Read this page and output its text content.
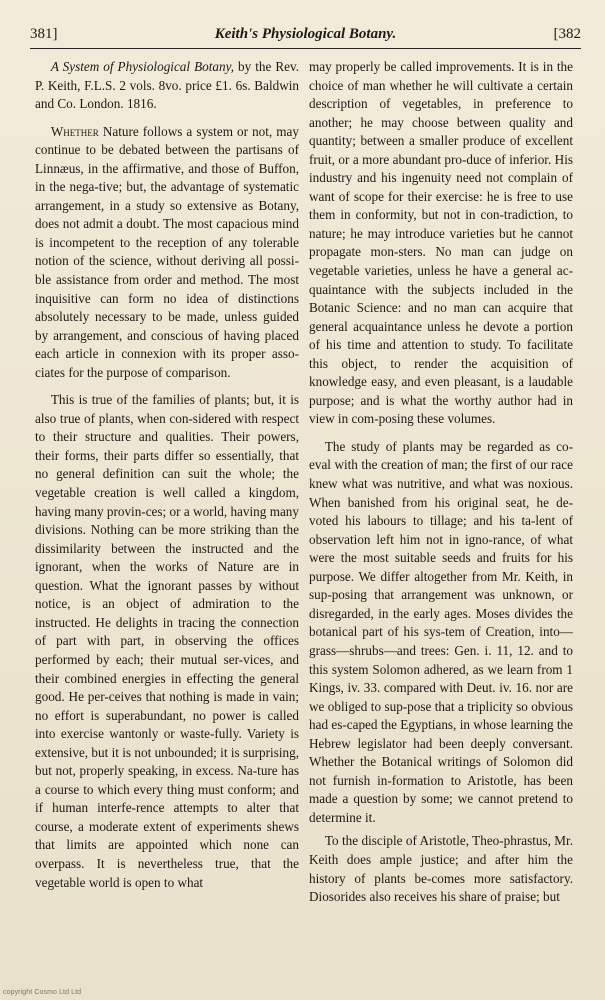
381]	Keith's Physiological Botany.	[382

A System of Physiological Botany, by the Rev. P. Keith, F.L.S. 2 vols. 8vo. price £1. 6s. Baldwin and Co. London. 1816.

Whether Nature follows a system or not, may continue to be debated between the partisans of Linnæus, in the affirmative, and those of Buffon, in the nega-tive; but, the advantage of systematic arrangement, in a study so extensive as Botany, does not admit a doubt. The most capacious mind is incompetent to the reception of any tolerable notion of the science, without deriving all possi-ble assistance from order and method. The most inquisitive can form no idea of distinctions absolutely necessary to be made, unless guided by arrangement, and conscious of having placed each article in connexion with its proper asso-ciates for the purpose of comparison.

This is true of the families of plants; but, it is also true of plants, when con-sidered with respect to their structure and qualities. Their powers, their forms, their parts differ so essentially, that no general definition can suit the whole; the vegetable creation is well called a kingdom, having many provin-ces; or a world, having many divisions. Nothing can be more striking than the dissimilarity between the instructed and the ignorant, when the works of Nature are in question. What the ignorant passes by without notice, is an object of admiration to the instructed. He delights in tracing the connection of part with part, in observing the offices performed by each; their mutual ser-vices, and their combined energies in effecting the general good. He per-ceives that nothing is made in vain; no effort is superabundant, no power is called into exercise wantonly or waste-fully. Variety is extensive, but it is not unbounded; it is surprising, but not, properly speaking, in excess. Na-ture has a course to which every thing must conform; and if human interfe-rence attempts to alter that course, a moderate extent of experiments shews that limits are appointed which none can overpass. It is nevertheless true, that the vegetable world is open to what

may properly be called improvements. It is in the choice of man whether he will cultivate a certain description of vegetables, in preference to another; he may choose between quality and quantity; between a smaller produce of excellent fruit, or a more abundant pro-duce of inferior. His industry and his ingenuity need not complain of want of scope for their exercise: he is free to use them in conformity, but not in con-tradiction, to nature; he may introduce varieties but he cannot propagate mon-sters. No man can judge on vegetable varieties, unless he have a general ac-quaintance with the subjects included in the Botanic Science: and no man can acquire that general acquaintance unless he devote a portion of his time and attention to study. To facilitate this object, to render the acquisition of knowledge easy, and even pleasant, is a laudable purpose; and is what the worthy author had in view in com-posing these volumes.

The study of plants may be regarded as co-eval with the creation of man; the first of our race knew what was nutritive, and what was noxious. When banished from his original seat, he de-voted his labours to tillage; and his ta-lent of observation left him not in igno-rance, of what were the most suitable seeds and fruits for his purpose. We differ altogether from Mr. Keith, in sup-posing that arrangement was unknown, or disregarded, in the early ages. Moses divides the botanical part of his sys-tem of Creation, into—grass—shrubs—and trees: Gen. i. 11, 12. and to this system Solomon adhered, as we learn from 1 Kings, iv. 33. compared with Deut. iv. 16. nor are we obliged to sup-pose that a triplicity so obvious had es-caped the Egyptians, in whose learning the Hebrew legislator had been deeply conversant. Whether the Botanical writings of Solomon did not furnish in-formation to Aristotle, has been made a question by some; we cannot pretend to determine it.

To the disciple of Aristotle, Theo-phrastus, Mr. Keith does ample justice; and after him the history of plants be-comes more satisfactory. Diosorides also receives his share of praise; but

copyright Cosmo Ltd Ltd
